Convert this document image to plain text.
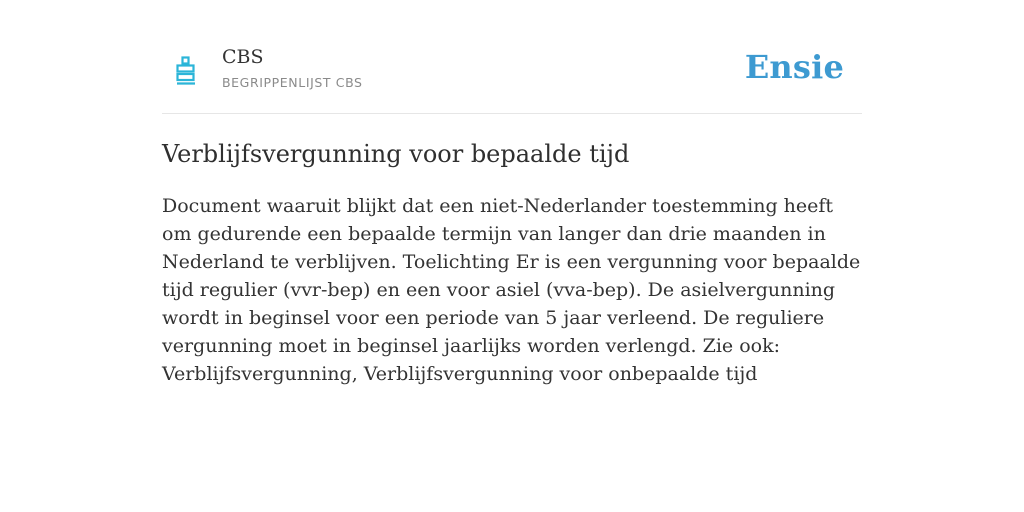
CBS
BEGRIPPENLIJST CBS	Ensie
Verblijfsvergunning voor bepaalde tijd

Document waaruit blijkt dat een niet-Nederlander toestemming heeft om gedurende een bepaalde termijn van langer dan drie maanden in Nederland te verblijven. Toelichting Er is een vergunning voor bepaalde tijd regulier (vvr-bep) en een voor asiel (vva-bep). De asielvergunning wordt in beginsel voor een periode van 5 jaar verleend. De reguliere vergunning moet in beginsel jaarlijks worden verlengd. Zie ook: Verblijfsvergunning, Verblijfsvergunning voor onbepaalde tijd
